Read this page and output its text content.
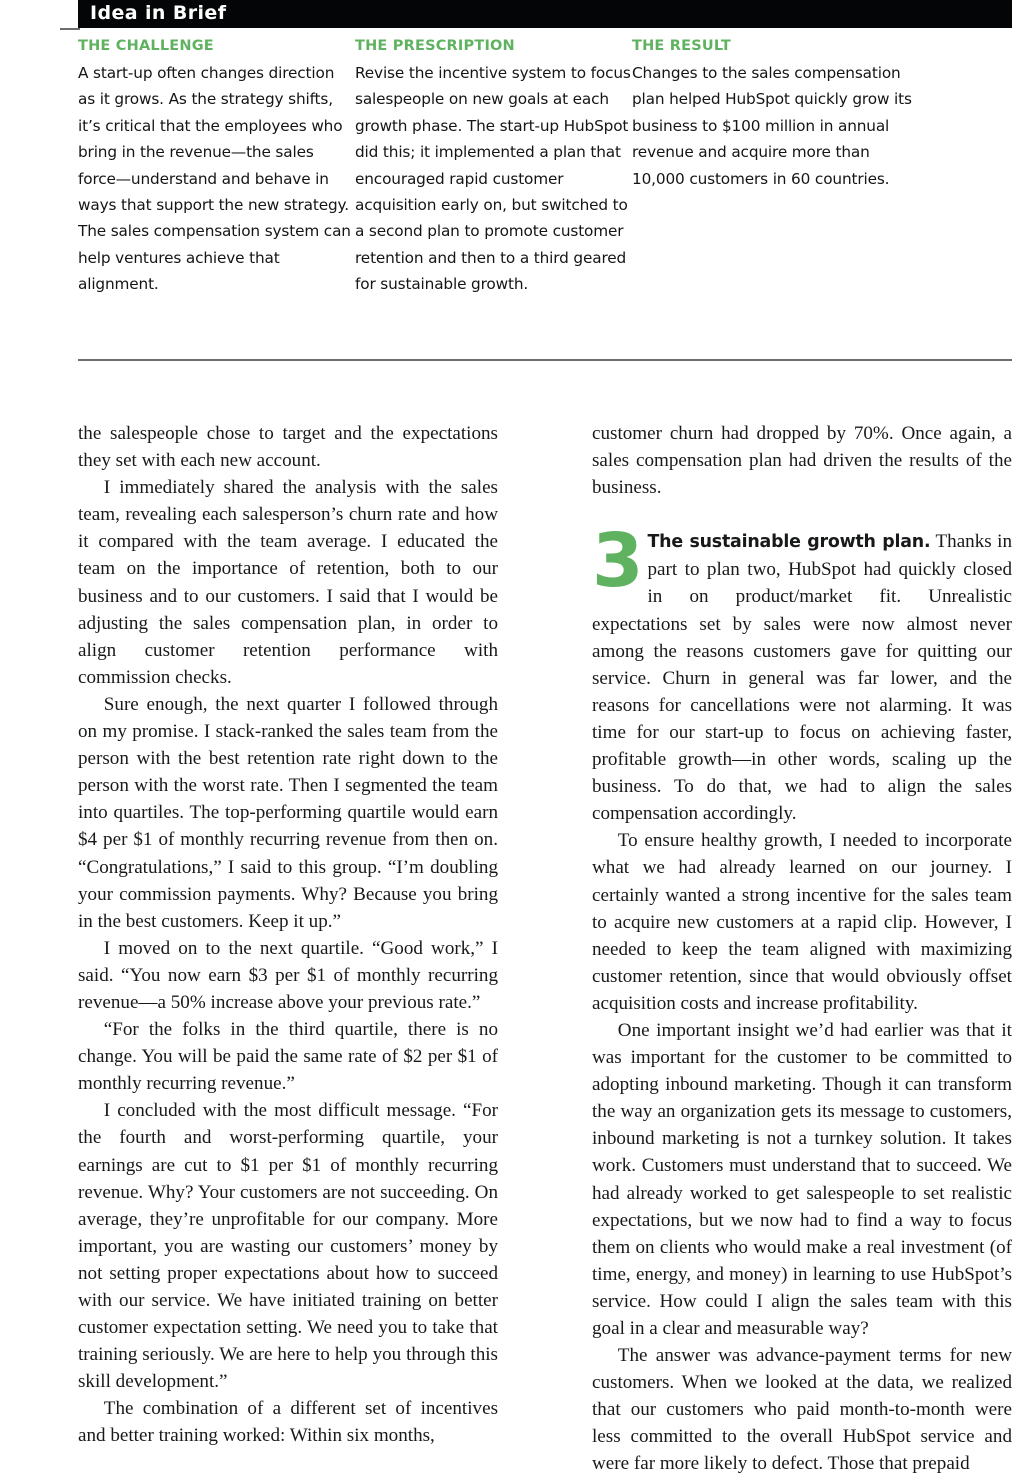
Idea in Brief
THE CHALLENGE

A start-up often changes direction as it grows. As the strategy shifts, it’s critical that the employees who bring in the revenue—the sales force—understand and behave in ways that support the new strategy. The sales compensation system can help ventures achieve that alignment.

THE PRESCRIPTION

Revise the incentive system to focus salespeople on new goals at each growth phase. The start-up HubSpot did this; it implemented a plan that encouraged rapid customer acquisition early on, but switched to a second plan to promote customer retention and then to a third geared for sustainable growth.

THE RESULT

Changes to the sales compensation plan helped HubSpot quickly grow its business to $100 million in annual revenue and acquire more than 10,000 customers in 60 countries.

the salespeople chose to target and the expectations they set with each new account.

I immediately shared the analysis with the sales team, revealing each salesperson’s churn rate and how it compared with the team average. I educated the team on the importance of retention, both to our business and to our customers. I said that I would be adjusting the sales compensation plan, in order to align customer retention performance with commission checks.

Sure enough, the next quarter I followed through on my promise. I stack-ranked the sales team from the person with the best retention rate right down to the person with the worst rate. Then I segmented the team into quartiles. The top-performing quartile would earn $4 per $1 of monthly recurring revenue from then on. “Congratulations,” I said to this group. “I’m doubling your commission payments. Why? Because you bring in the best customers. Keep it up.”

I moved on to the next quartile. “Good work,” I said. “You now earn $3 per $1 of monthly recurring revenue—a 50% increase above your previous rate.”

“For the folks in the third quartile, there is no change. You will be paid the same rate of $2 per $1 of monthly recurring revenue.”

I concluded with the most difficult message. “For the fourth and worst-performing quartile, your earnings are cut to $1 per $1 of monthly recurring revenue. Why? Your customers are not succeeding. On average, they’re unprofitable for our company. More important, you are wasting our customers’ money by not setting proper expectations about how to succeed with our service. We have initiated training on better customer expectation setting. We need you to take that training seriously. We are here to help you through this skill development.”

The combination of a different set of incentives and better training worked: Within six months,

customer churn had dropped by 70%. Once again, a sales compensation plan had driven the results of the business.

3 The sustainable growth plan. Thanks in part to plan two, HubSpot had quickly closed in on product/market fit. Unrealistic expectations set by sales were now almost never among the reasons customers gave for quitting our service. Churn in general was far lower, and the reasons for cancellations were not alarming. It was time for our start-up to focus on achieving faster, profitable growth—in other words, scaling up the business. To do that, we had to align the sales compensation accordingly.

To ensure healthy growth, I needed to incorporate what we had already learned on our journey. I certainly wanted a strong incentive for the sales team to acquire new customers at a rapid clip. However, I needed to keep the team aligned with maximizing customer retention, since that would obviously offset acquisition costs and increase profitability.

One important insight we’d had earlier was that it was important for the customer to be committed to adopting inbound marketing. Though it can transform the way an organization gets its message to customers, inbound marketing is not a turnkey solution. It takes work. Customers must understand that to succeed. We had already worked to get salespeople to set realistic expectations, but we now had to find a way to focus them on clients who would make a real investment (of time, energy, and money) in learning to use HubSpot’s service. How could I align the sales team with this goal in a clear and measurable way?

The answer was advance-payment terms for new customers. When we looked at the data, we realized that our customers who paid month-to-month were less committed to the overall HubSpot service and were far more likely to defect. Those that prepaid
